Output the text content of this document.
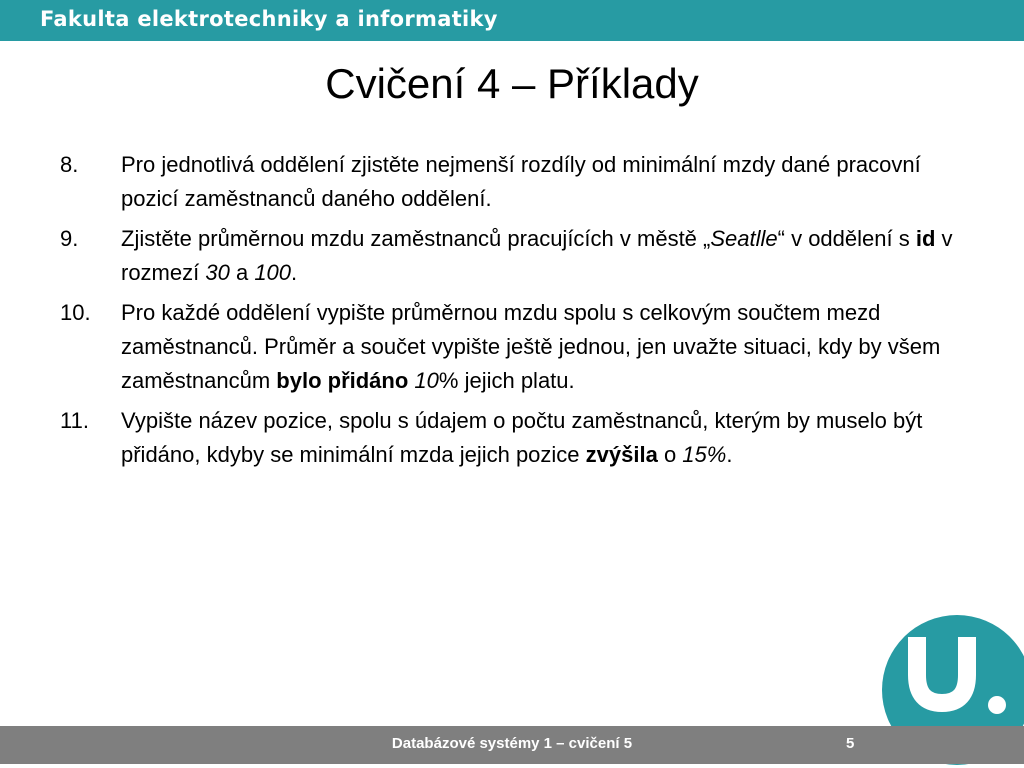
Fakulta elektrotechniky a informatiky
Cvičení 4 – Příklady
8.	Pro jednotlivá oddělení zjistěte nejmenší rozdíly od minimální mzdy dané pracovní pozicí zaměstnanců daného oddělení.
9.	Zjistěte průměrnou mzdu zaměstnanců pracujících v městě „Seatlle“ v oddělení s id v rozmezí 30 a 100.
10.	Pro každé oddělení vypište průměrnou mzdu spolu s celkovým součtem mezd zaměstnanců. Průměr a součet vypište ještě jednou, jen uvažte situaci, kdy by všem zaměstnancům bylo přidáno 10% jejich platu.
11.	Vypište název pozice, spolu s údajem o počtu zaměstnanců, kterým by muselo být přidáno, kdyby se minimální mzda jejich pozice zvýšila o 15%.
Databázové systémy 1 – cvičení 5	5
